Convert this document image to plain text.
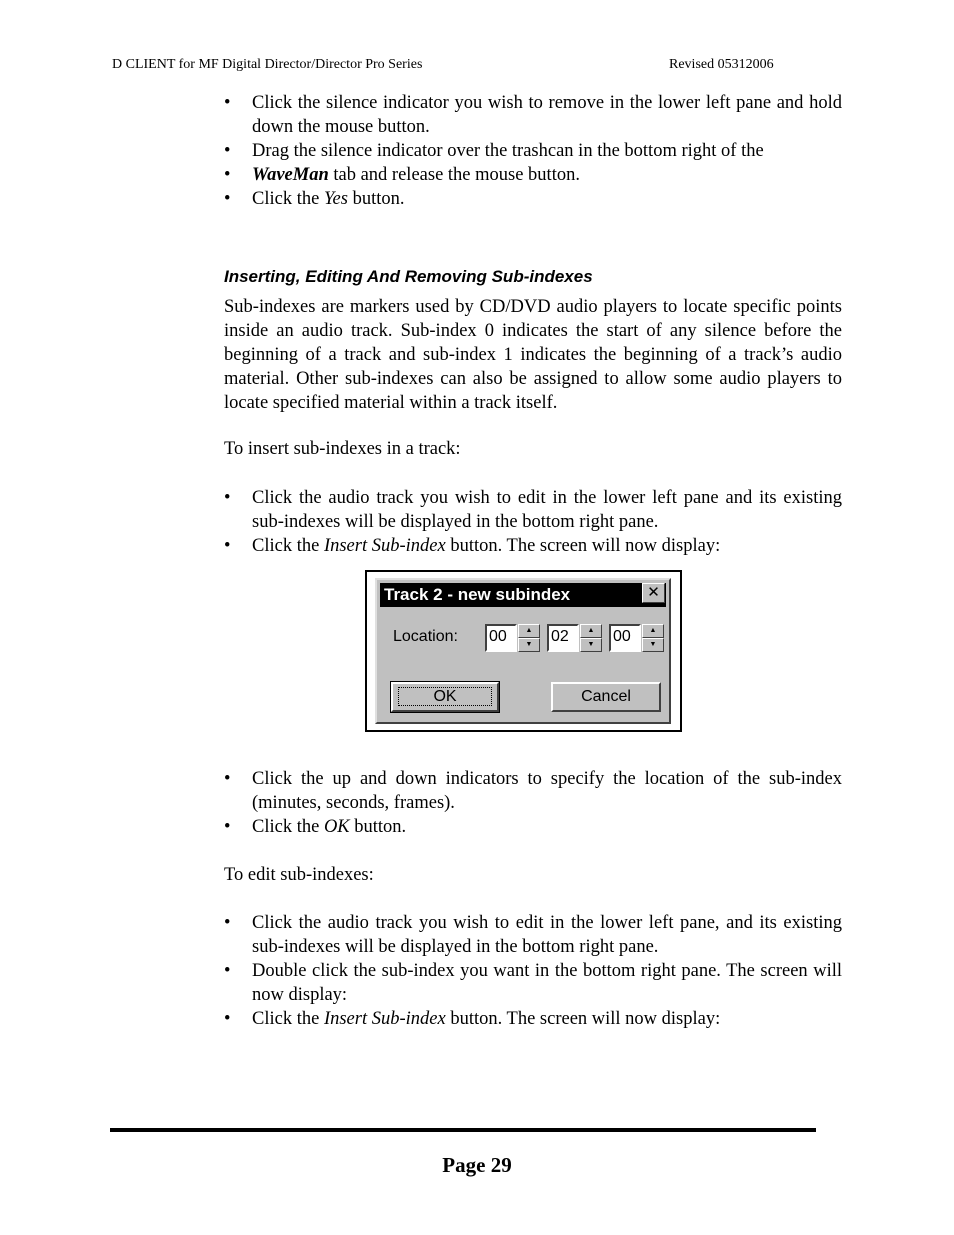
D CLIENT for MF Digital Director/Director Pro Series	Revised 05312006
• Click the silence indicator you wish to remove in the lower left pane and hold down the mouse button.
• Drag the silence indicator over the trashcan in the bottom right of the
• WaveMan tab and release the mouse button.
• Click the Yes button.
Inserting, Editing And Removing Sub-indexes

Sub-indexes are markers used by CD/DVD audio players to locate specific points inside an audio track. Sub-index 0 indicates the start of any silence before the beginning of a track and sub-index 1 indicates the beginning of a track’s audio material. Other sub-indexes can also be assigned to allow some audio players to locate specified material within a track itself.

To insert sub-indexes in a track:

• Click the audio track you wish to edit in the lower left pane and its existing sub-indexes will be displayed in the bottom right pane.
• Click the Insert Sub-index button. The screen will now display:
Track 2 - new subindex	✕
Location: 00	▲
▼	02	▲
▼	00	▲
▼
OK	Cancel
• Click the up and down indicators to specify the location of the sub-index (minutes, seconds, frames).
• Click the OK button.

To edit sub-indexes:

• Click the audio track you wish to edit in the lower left pane, and its existing sub-indexes will be displayed in the bottom right pane.
• Double click the sub-index you want in the bottom right pane. The screen will now display:
• Click the Insert Sub-index button. The screen will now display:
Page 29
